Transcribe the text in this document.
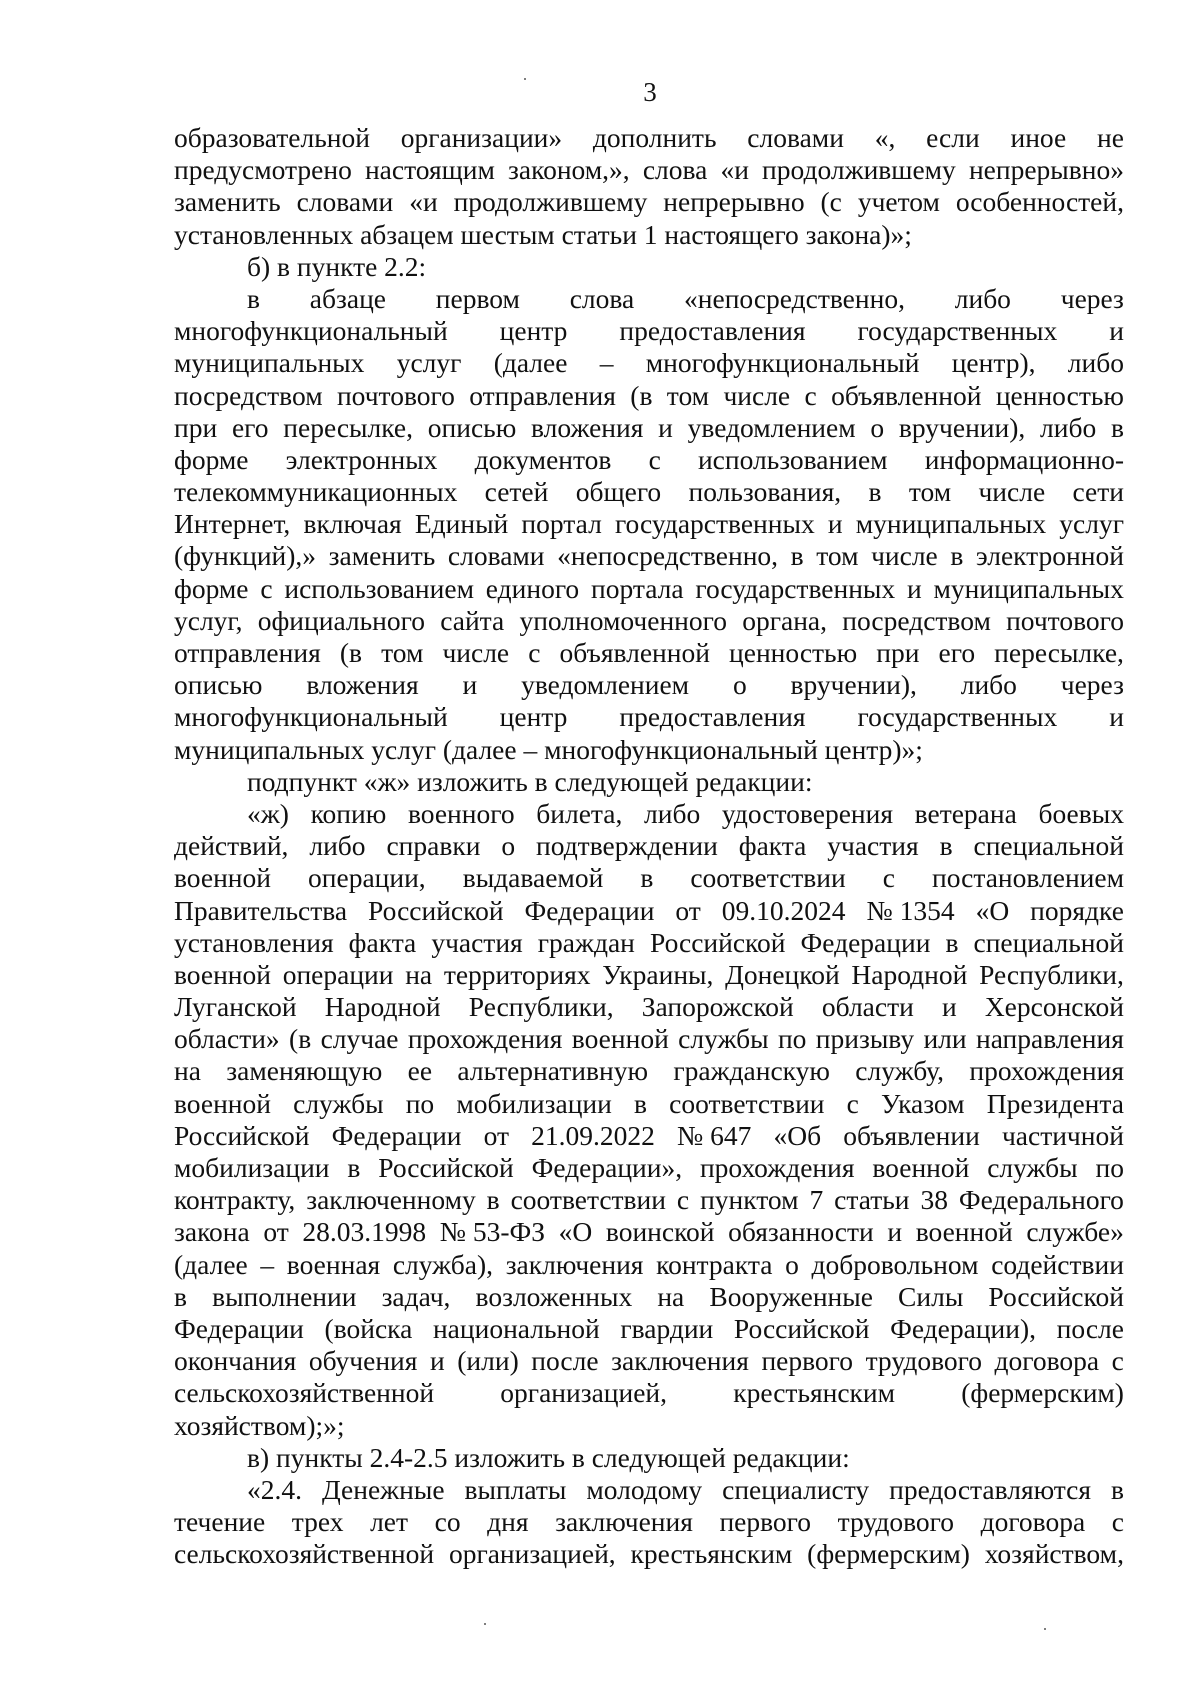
3
образовательной организации» дополнить словами «, если иное не
предусмотрено настоящим законом,», слова «и продолжившему непрерывно»
заменить словами «и продолжившему непрерывно (с учетом особенностей,
установленных абзацем шестым статьи 1 настоящего закона)»;
б) в пункте 2.2:
в абзаце первом слова «непосредственно, либо через
многофункциональный центр предоставления государственных и
муниципальных услуг (далее – многофункциональный центр), либо
посредством почтового отправления (в том числе с объявленной ценностью
при его пересылке, описью вложения и уведомлением о вручении), либо в
форме электронных документов с использованием информационно-
телекоммуникационных сетей общего пользования, в том числе сети
Интернет, включая Единый портал государственных и муниципальных услуг
(функций),» заменить словами «непосредственно, в том числе в электронной
форме с использованием единого портала государственных и муниципальных
услуг, официального сайта уполномоченного органа, посредством почтового
отправления (в том числе с объявленной ценностью при его пересылке,
описью вложения и уведомлением о вручении), либо через
многофункциональный центр предоставления государственных и
муниципальных услуг (далее – многофункциональный центр)»;
подпункт «ж» изложить в следующей редакции:
«ж) копию военного билета, либо удостоверения ветерана боевых
действий, либо справки о подтверждении факта участия в специальной
военной операции, выдаваемой в соответствии с постановлением
Правительства Российской Федерации от 09.10.2024 № 1354 «О порядке
установления факта участия граждан Российской Федерации в специальной
военной операции на территориях Украины, Донецкой Народной Республики,
Луганской Народной Республики, Запорожской области и Херсонской
области» (в случае прохождения военной службы по призыву или направления
на заменяющую ее альтернативную гражданскую службу, прохождения
военной службы по мобилизации в соответствии с Указом Президента
Российской Федерации от 21.09.2022 № 647 «Об объявлении частичной
мобилизации в Российской Федерации», прохождения военной службы по
контракту, заключенному в соответствии с пунктом 7 статьи 38 Федерального
закона от 28.03.1998 № 53-ФЗ «О воинской обязанности и военной службе»
(далее – военная служба), заключения контракта о добровольном содействии
в выполнении задач, возложенных на Вооруженные Силы Российской
Федерации (войска национальной гвардии Российской Федерации), после
окончания обучения и (или) после заключения первого трудового договора с
сельскохозяйственной организацией, крестьянским (фермерским)
хозяйством);»;
в) пункты 2.4-2.5 изложить в следующей редакции:
«2.4. Денежные выплаты молодому специалисту предоставляются в
течение трех лет со дня заключения первого трудового договора с
сельскохозяйственной организацией, крестьянским (фермерским) хозяйством,
